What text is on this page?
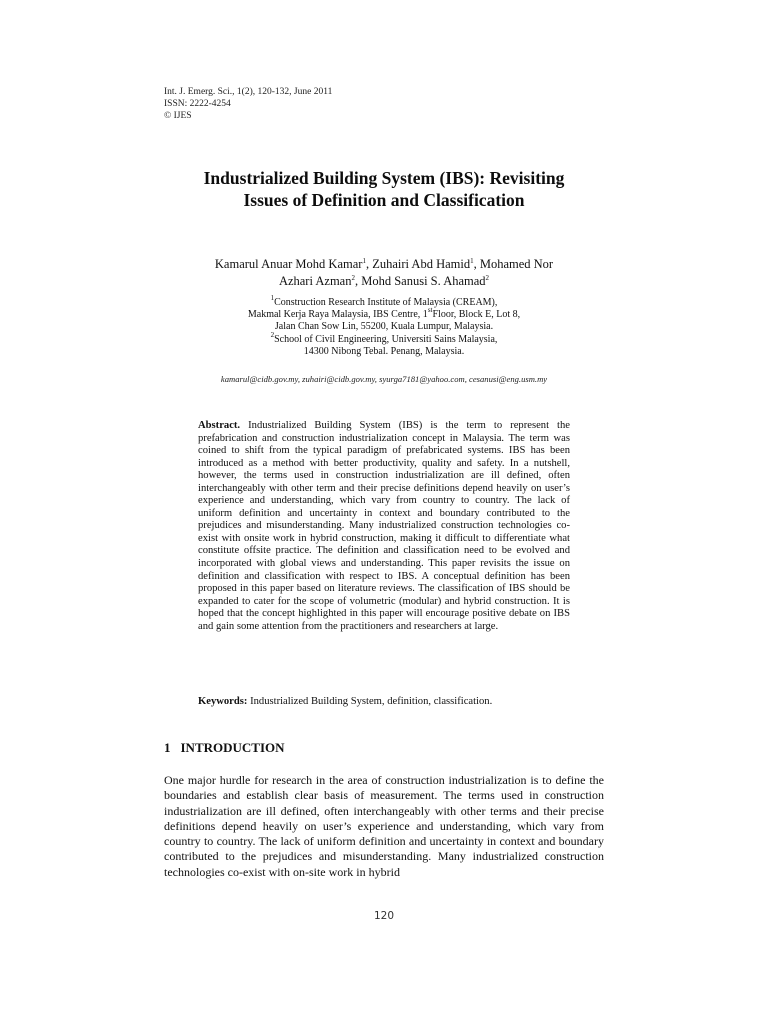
Int. J. Emerg. Sci., 1(2), 120-132, June 2011
ISSN: 2222-4254
© IJES
Industrialized Building System (IBS): Revisiting
Issues of Definition and Classification
Kamarul Anuar Mohd Kamar$^1$, Zuhairi Abd Hamid$^1$, Mohamed Nor
Azhari Azman$^2$, Mohd Sanusi S. Ahamad$^2$
$^1$Construction Research Institute of Malaysia (CREAM),
Makmal Kerja Raya Malaysia, IBS Centre, 1stFloor, Block E, Lot 8,
Jalan Chan Sow Lin, 55200, Kuala Lumpur, Malaysia.
$^2$School of Civil Engineering, Universiti Sains Malaysia,
14300 Nibong Tebal. Penang, Malaysia.
kamarul@cidb.gov.my, zuhairi@cidb.gov.my, syurga7181@yahoo.com, cesanusi@eng.usm.my
Abstract. Industrialized Building System (IBS) is the term to represent the prefabrication and construction industrialization concept in Malaysia. The term was coined to shift from the typical paradigm of prefabricated systems. IBS has been introduced as a method with better productivity, quality and safety. In a nutshell, however, the terms used in construction industrialization are ill defined, often interchangeably with other term and their precise definitions depend heavily on user’s experience and understanding, which vary from country to country. The lack of uniform definition and uncertainty in context and boundary contributed to the prejudices and misunderstanding. Many industrialized construction technologies co-exist with onsite work in hybrid construction, making it difficult to differentiate what constitute offsite practice. The definition and classification need to be evolved and incorporated with global views and understanding. This paper revisits the issue on definition and classification with respect to IBS. A conceptual definition has been proposed in this paper based on literature reviews. The classification of IBS should be expanded to cater for the scope of volumetric (modular) and hybrid construction. It is hoped that the concept highlighted in this paper will encourage positive debate on IBS and gain some attention from the practitioners and researchers at large.
Keywords: Industrialized Building System, definition, classification.
1 INTRODUCTION
One major hurdle for research in the area of construction industrialization is to define the boundaries and establish clear basis of measurement. The terms used in construction industrialization are ill defined, often interchangeably with other terms and their precise definitions depend heavily on user’s experience and understanding, which vary from country to country. The lack of uniform definition and uncertainty in context and boundary contributed to the prejudices and misunderstanding. Many industrialized construction technologies co-exist with on-site work in hybrid
120
